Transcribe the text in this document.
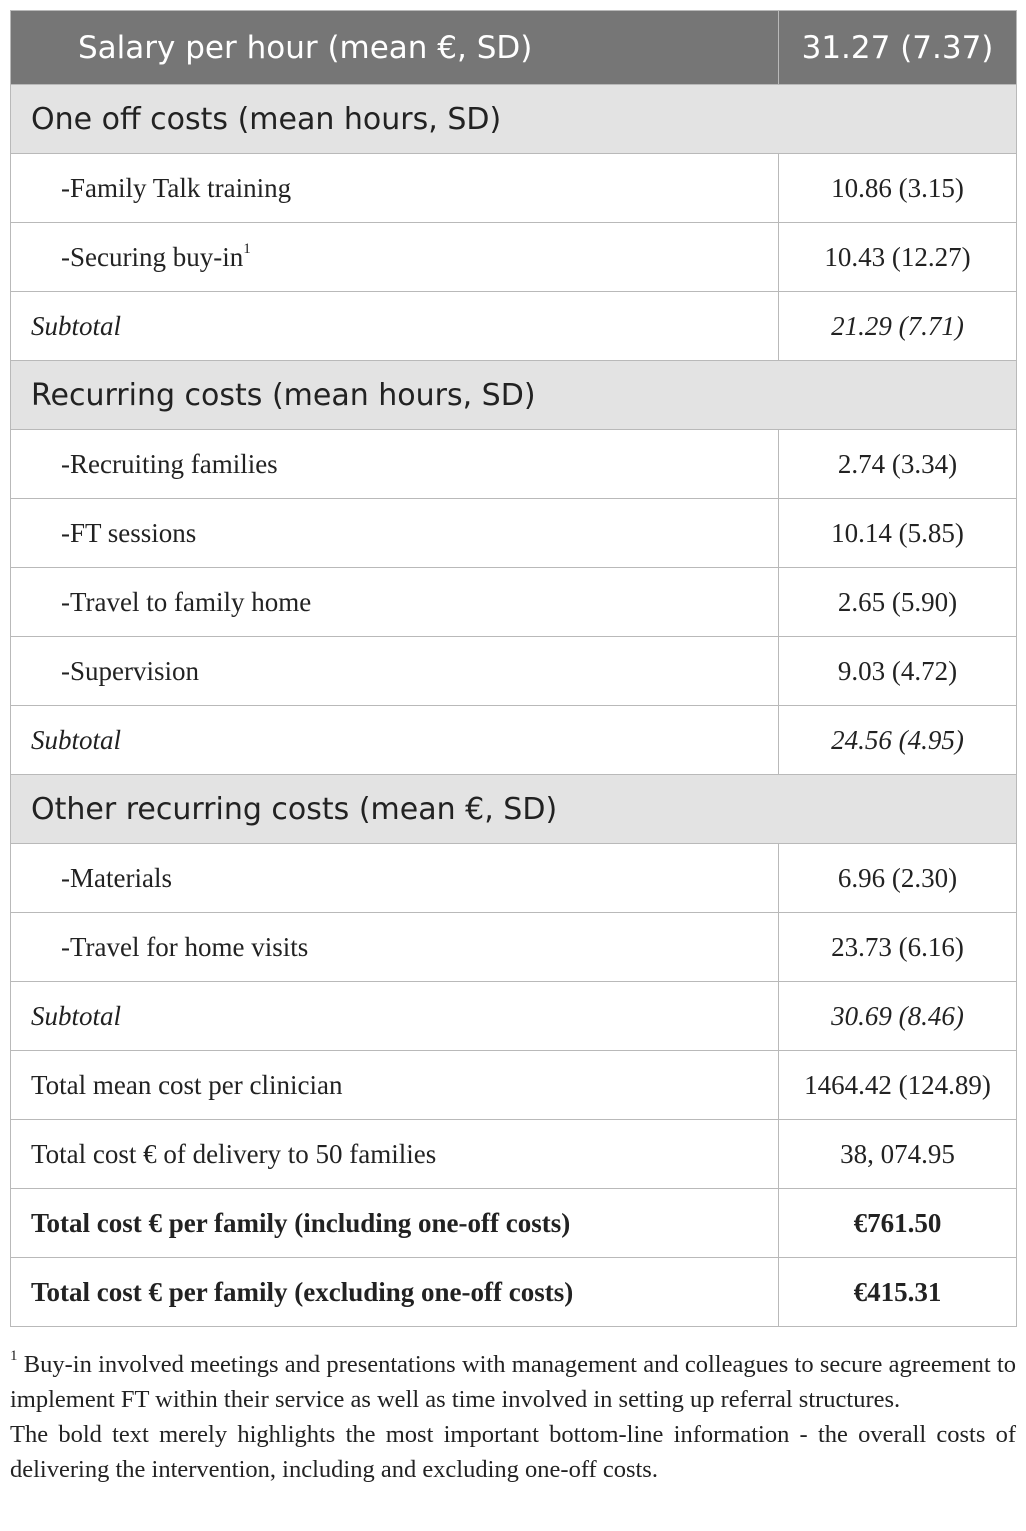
Salary per hour (mean €, SD)	31.27 (7.37)
One off costs (mean hours, SD)	
-Family Talk training	10.86 (3.15)
-Securing buy-$in^1$	10.43 (12.27)
Subtotal	21.29 (7.71)
Recurring costs (mean hours, SD)	
-Recruiting families	2.74 (3.34)
-FT sessions	10.14 (5.85)
-Travel to family home	2.65 (5.90)
-Supervision	9.03 (4.72)
Subtotal	24.56 (4.95)
Other recurring costs (mean €, SD)	
-Materials	6.96 (2.30)
-Travel for home visits	23.73 (6.16)
Subtotal	30.69 (8.46)
Total mean cost per clinician	1464.42 (124.89)
Total cost € of delivery to 50 families	38, 074.95
Total cost € per family (including one-off costs)	€761.50
Total cost € per family (excluding one-off costs)	€415.31

$^1$ Buy-in involved meetings and presentations with management and colleagues to secure agreement to implement FT within their service as well as time involved in setting up referral structures.

The bold text merely highlights the most important bottom-line information - the overall costs of delivering the intervention, including and excluding one-off costs.
